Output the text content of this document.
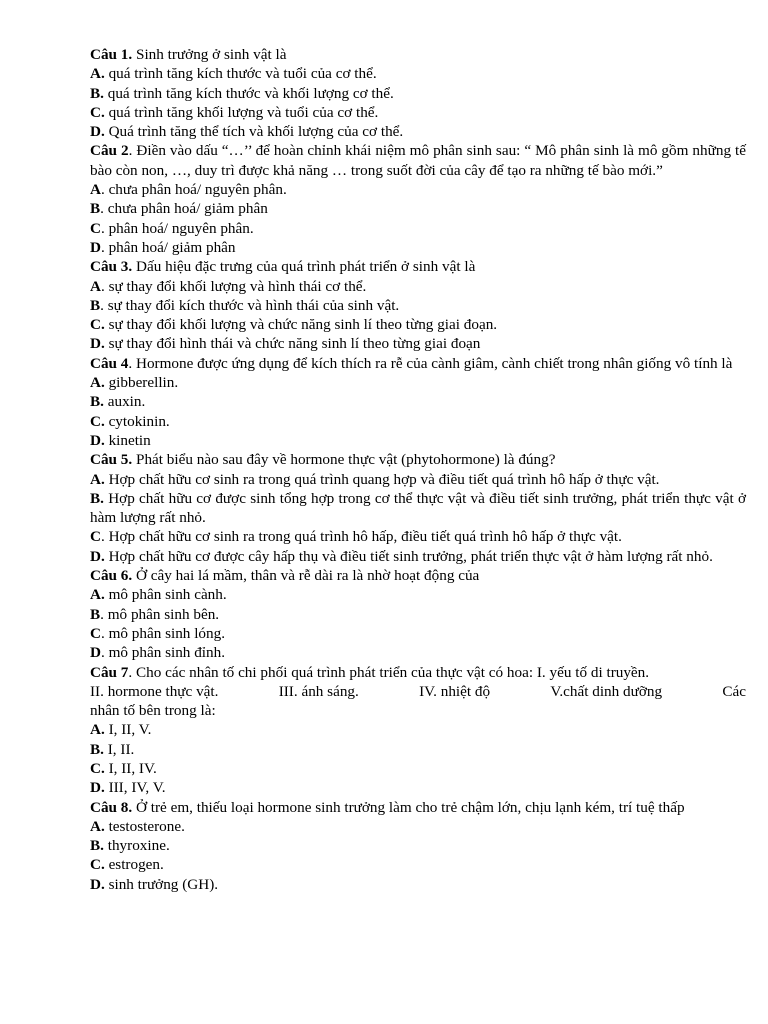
Câu 1. Sinh trưởng ở sinh vật là
A. quá trình tăng kích thước và tuổi của cơ thể.
B. quá trình tăng kích thước và khối lượng cơ thể.
C. quá trình tăng khối lượng và tuổi của cơ thể.
D. Quá trình tăng thể tích và khối lượng của cơ thể.
Câu 2. Điền vào dấu “…’’ để hoàn chỉnh khái niệm mô phân sinh sau: “ Mô phân sinh là mô gồm những tế bào còn non, …, duy trì được khả năng … trong suốt đời của cây để tạo ra những tế bào mới.”
A. chưa phân hoá/ nguyên phân.
B. chưa phân hoá/ giảm phân
C. phân hoá/ nguyên phân.
D. phân hoá/ giảm phân
Câu 3. Dấu hiệu đặc trưng của quá trình phát triển ở sinh vật là
A. sự thay đổi khối lượng và hình thái cơ thể.
B. sự thay đổi kích thước và hình thái của sinh vật.
C. sự thay đổi khối lượng và chức năng sinh lí theo từng giai đoạn.
D. sự thay đổi hình thái và chức năng sinh lí theo từng giai đoạn
Câu 4. Hormone được ứng dụng để kích thích ra rễ của cành giâm, cành chiết trong nhân giống vô tính là
A. gibberellin.
B. auxin.
C. cytokinin.
D. kinetin
Câu 5. Phát biểu nào sau đây về hormone thực vật (phytohormone) là đúng?
A. Hợp chất hữu cơ sinh ra trong quá trình quang hợp và điều tiết quá trình hô hấp ở thực vật.
B. Hợp chất hữu cơ được sinh tổng hợp trong cơ thể thực vật và điều tiết sinh trưởng, phát triển thực vật ở hàm lượng rất nhỏ.
C. Hợp chất hữu cơ sinh ra trong quá trình hô hấp, điều tiết quá trình hô hấp ở thực vật.
D. Hợp chất hữu cơ được cây hấp thụ và điều tiết sinh trưởng, phát triển thực vật ở hàm lượng rất nhỏ.
Câu 6. Ở cây hai lá mầm, thân và rễ dài ra là nhờ hoạt động của
A. mô phân sinh cành.
B. mô phân sinh bên.
C. mô phân sinh lóng.
D. mô phân sinh đỉnh.
Câu 7. Cho các nhân tố chi phối quá trình phát triển của thực vật có hoa: I. yếu tố di truyền.
II. hormone thực vật.	III. ánh sáng.	IV. nhiệt độ	V.chất dinh dưỡng	Các
nhân tố bên trong là:
A. I, II, V.
B. I, II.
C. I, II, IV.
D. III, IV, V.
Câu 8. Ở trẻ em, thiếu loại hormone sinh trưởng làm cho trẻ chậm lớn, chịu lạnh kém, trí tuệ thấp
A. testosterone.
B. thyroxine.
C. estrogen.
D. sinh trưởng (GH).
